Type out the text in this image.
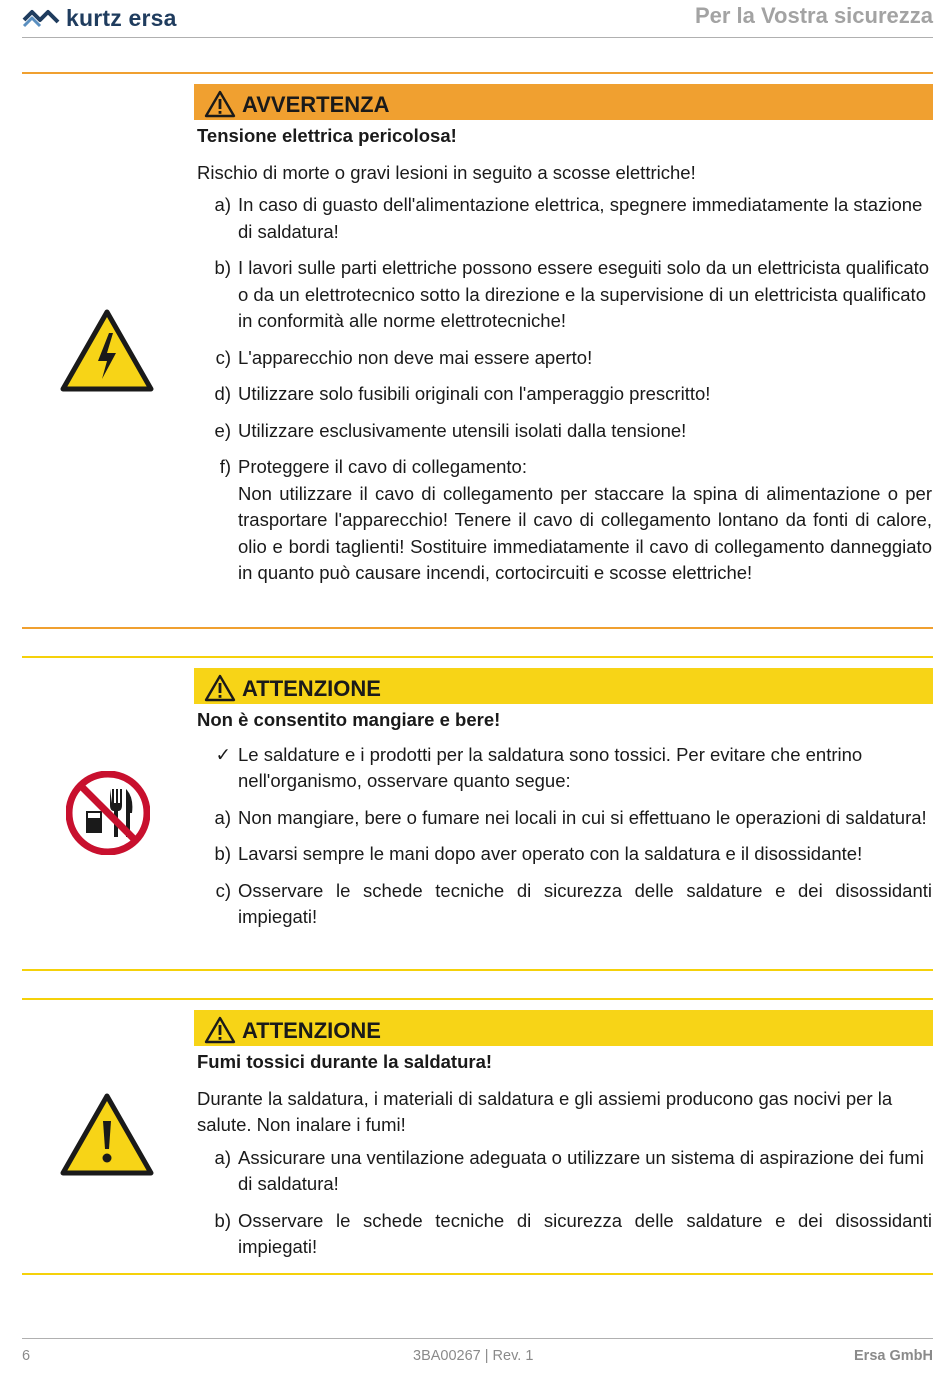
kurtz ersa	Per la Vostra sicurezza
AVVERTENZA
Tensione elettrica pericolosa!
Rischio di morte o gravi lesioni in seguito a scosse elettriche!
a) In caso di guasto dell'alimentazione elettrica, spegnere immediatamente la stazione di saldatura!
b) I lavori sulle parti elettriche possono essere eseguiti solo da un elettricista qualificato o da un elettrotecnico sotto la direzione e la supervisione di un elettricista qualificato in conformità alle norme elettrotecniche!
c) L'apparecchio non deve mai essere aperto!
d) Utilizzare solo fusibili originali con l'amperaggio prescritto!
e) Utilizzare esclusivamente utensili isolati dalla tensione!
f) Proteggere il cavo di collegamento:
Non utilizzare il cavo di collegamento per staccare la spina di alimentazione o per trasportare l'apparecchio! Tenere il cavo di collegamento lontano da fonti di calore, olio e bordi taglienti! Sostituire immediatamente il cavo di collegamento danneggiato in quanto può causare incendi, cortocircuiti e scosse elettriche!
ATTENZIONE
Non è consentito mangiare e bere!
✓ Le saldature e i prodotti per la saldatura sono tossici. Per evitare che entrino nell'organismo, osservare quanto segue:
a) Non mangiare, bere o fumare nei locali in cui si effettuano le operazioni di saldatura!
b) Lavarsi sempre le mani dopo aver operato con la saldatura e il disossidante!
c) Osservare le schede tecniche di sicurezza delle saldature e dei disossidanti impiegati!
ATTENZIONE
Fumi tossici durante la saldatura!
Durante la saldatura, i materiali di saldatura e gli assiemi producono gas nocivi per la salute. Non inalare i fumi!
a) Assicurare una ventilazione adeguata o utilizzare un sistema di aspirazione dei fumi di saldatura!
b) Osservare le schede tecniche di sicurezza delle saldature e dei disossidanti impiegati!
6	3BA00267 | Rev. 1	Ersa GmbH
